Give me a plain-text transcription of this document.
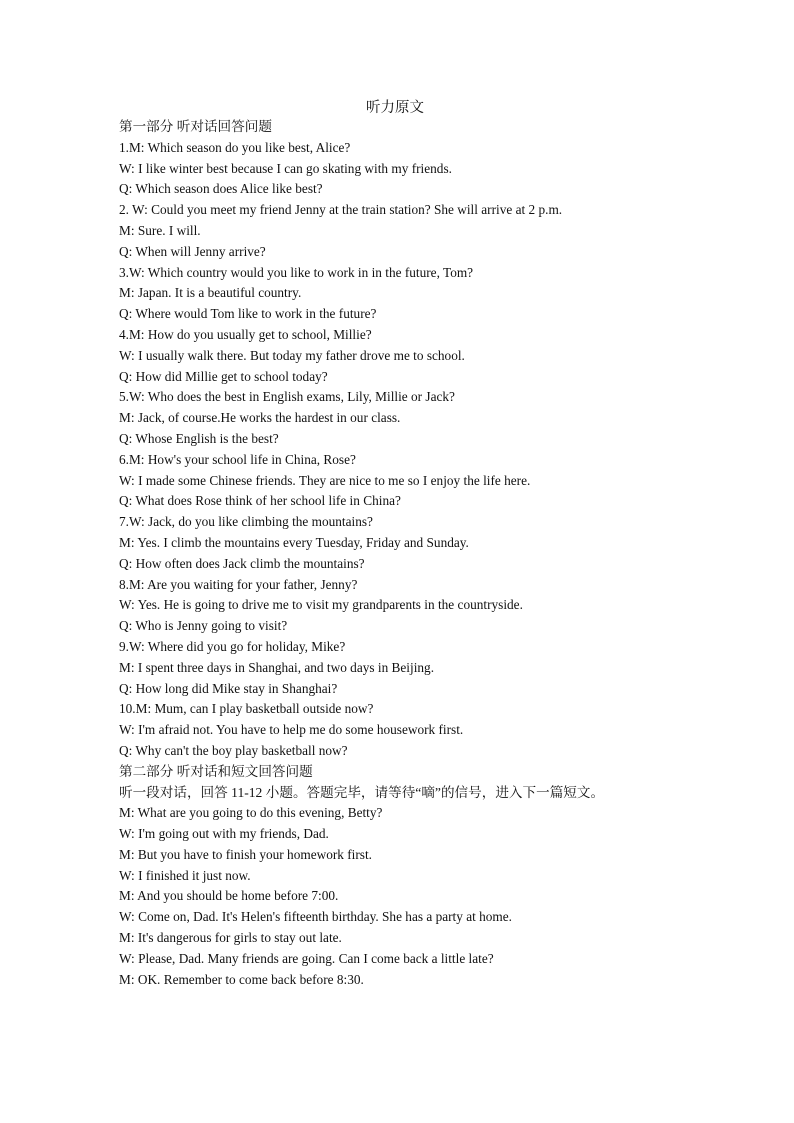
听力原文
第一部分 听对话回答问题
1.M: Which season do you like best, Alice?
W: I like winter best because I can go skating with my friends.
Q: Which season does Alice like best?
2. W: Could you meet my friend Jenny at the train station? She will arrive at 2 p.m.
M: Sure. I will.
Q: When will Jenny arrive?
3.W: Which country would you like to work in in the future, Tom?
M: Japan. It is a beautiful country.
Q: Where would Tom like to work in the future?
4.M: How do you usually get to school, Millie?
W: I usually walk there. But today my father drove me to school.
Q: How did Millie get to school today?
5.W: Who does the best in English exams, Lily, Millie or Jack?
M: Jack, of course.He works the hardest in our class.
Q: Whose English is the best?
6.M: How's your school life in China, Rose?
W: I made some Chinese friends. They are nice to me so I enjoy the life here.
Q: What does Rose think of her school life in China?
7.W: Jack, do you like climbing the mountains?
M: Yes. I climb the mountains every Tuesday, Friday and Sunday.
Q: How often does Jack climb the mountains?
8.M: Are you waiting for your father, Jenny?
W: Yes. He is going to drive me to visit my grandparents in the countryside.
Q: Who is Jenny going to visit?
9.W: Where did you go for holiday, Mike?
M: I spent three days in Shanghai, and two days in Beijing.
Q: How long did Mike stay in Shanghai?
10.M: Mum, can I play basketball outside now?
W: I'm afraid not. You have to help me do some housework first.
Q: Why can't the boy play basketball now?
第二部分 听对话和短文回答问题
听一段对话，回答 11-12 小题。答题完毕，请等待“嘀”的信号，进入下一篇短文。
M: What are you going to do this evening, Betty?
W: I'm going out with my friends, Dad.
M: But you have to finish your homework first.
W: I finished it just now.
M: And you should be home before 7:00.
W: Come on, Dad. It's Helen's fifteenth birthday. She has a party at home.
M: It's dangerous for girls to stay out late.
W: Please, Dad. Many friends are going. Can I come back a little late?
M: OK. Remember to come back before 8:30.
